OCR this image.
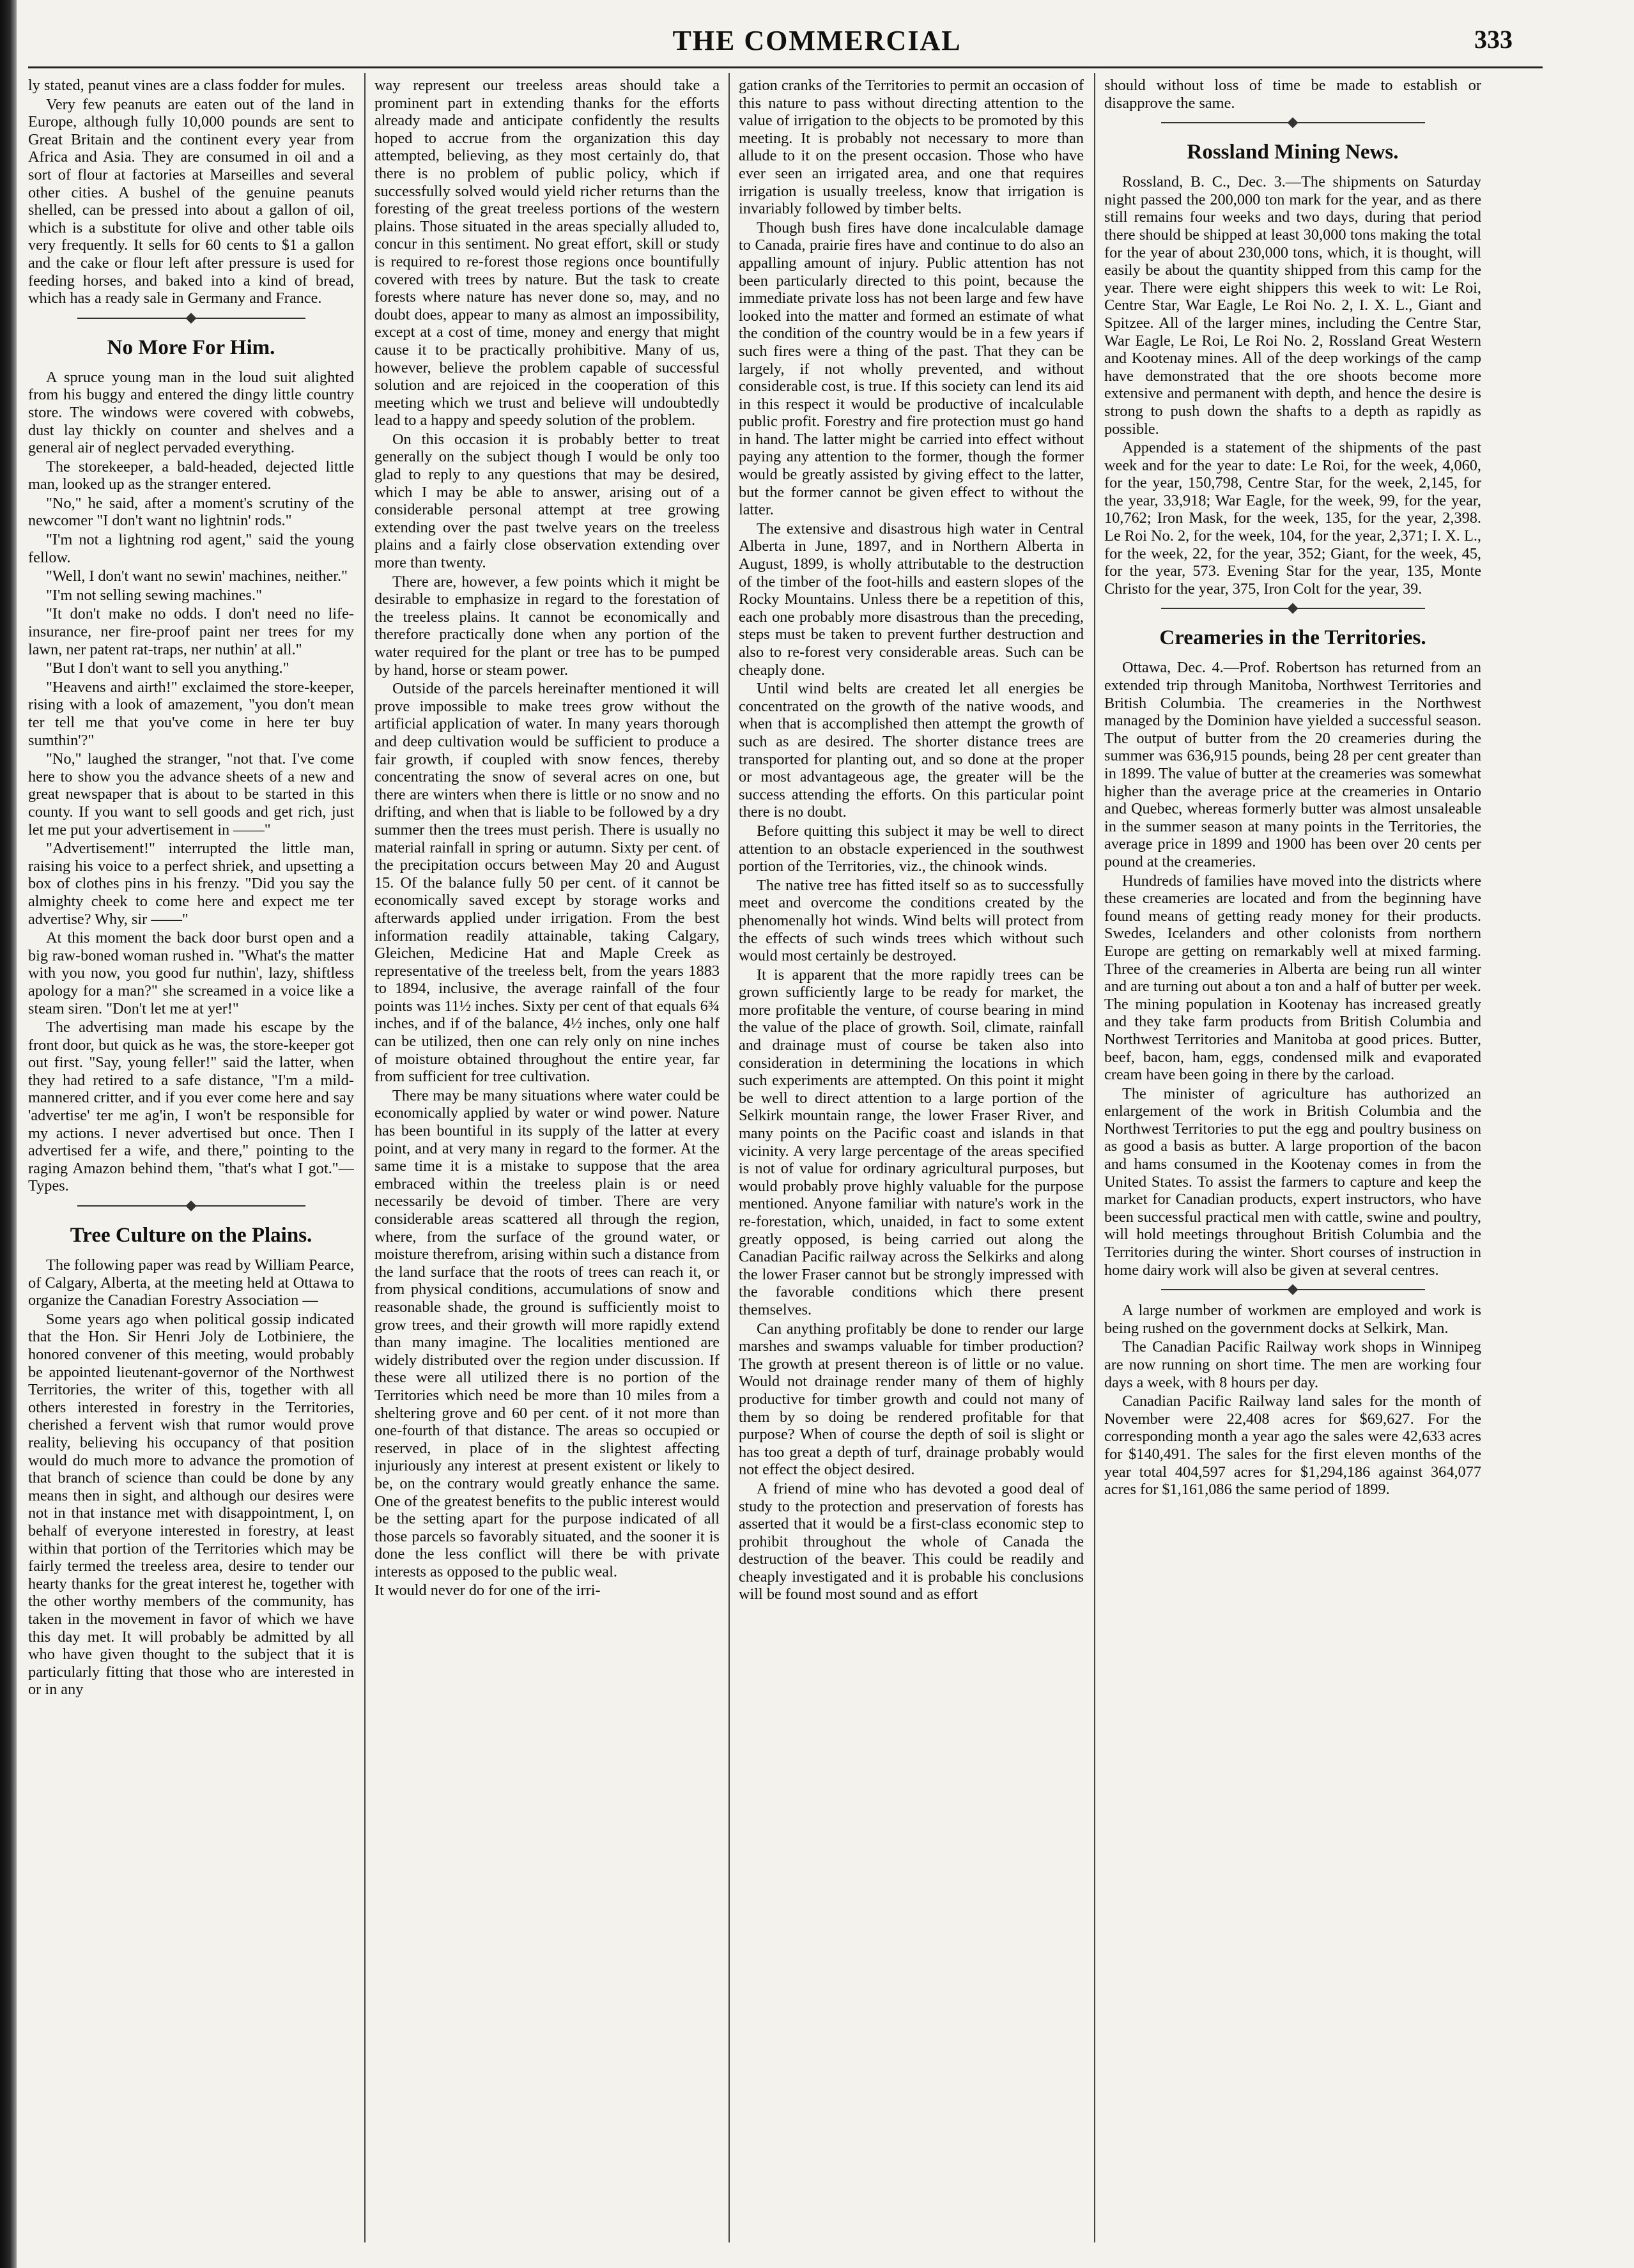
THE COMMERCIAL	333

ly stated, peanut vines are a class fodder for mules.

Very few peanuts are eaten out of the land in Europe, although fully 10,000 pounds are sent to Great Britain and the continent every year from Africa and Asia. They are consumed in oil and a sort of flour at factories at Marseilles and several other cities. A bushel of the genuine peanuts shelled, can be pressed into about a gallon of oil, which is a substitute for olive and other table oils very frequently. It sells for 60 cents to $1 a gallon and the cake or flour left after pressure is used for feeding horses, and baked into a kind of bread, which has a ready sale in Germany and France.

No More For Him.

A spruce young man in the loud suit alighted from his buggy and entered the dingy little country store. The windows were covered with cobwebs, dust lay thickly on counter and shelves and a general air of neglect pervaded everything.

The storekeeper, a bald-headed, dejected little man, looked up as the stranger entered.

"No," he said, after a moment's scrutiny of the newcomer "I don't want no lightnin' rods."

"I'm not a lightning rod agent," said the young fellow.

"Well, I don't want no sewin' machines, neither."

"I'm not selling sewing machines."

"It don't make no odds. I don't need no life-insurance, ner fire-proof paint ner trees for my lawn, ner patent rat-traps, ner nuthin' at all."

"But I don't want to sell you anything."

"Heavens and airth!" exclaimed the store-keeper, rising with a look of amazement, "you don't mean ter tell me that you've come in here ter buy sumthin'?"

"No," laughed the stranger, "not that. I've come here to show you the advance sheets of a new and great newspaper that is about to be started in this county. If you want to sell goods and get rich, just let me put your advertisement in ——"

"Advertisement!" interrupted the little man, raising his voice to a perfect shriek, and upsetting a box of clothes pins in his frenzy. "Did you say the almighty cheek to come here and expect me ter advertise? Why, sir ——"

At this moment the back door burst open and a big raw-boned woman rushed in. "What's the matter with you now, you good fur nuthin', lazy, shiftless apology for a man?" she screamed in a voice like a steam siren. "Don't let me at yer!"

The advertising man made his escape by the front door, but quick as he was, the store-keeper got out first. "Say, young feller!" said the latter, when they had retired to a safe distance, "I'm a mild-mannered critter, and if you ever come here and say 'advertise' ter me ag'in, I won't be responsible for my actions. I never advertised but once. Then I advertised fer a wife, and there," pointing to the raging Amazon behind them, "that's what I got."—Types.

Tree Culture on the Plains.

The following paper was read by William Pearce, of Calgary, Alberta, at the meeting held at Ottawa to organize the Canadian Forestry Association —

Some years ago when political gossip indicated that the Hon. Sir Henri Joly de Lotbiniere, the honored convener of this meeting, would probably be appointed lieutenant-governor of the Northwest Territories, the writer of this, together with all others interested in forestry in the Territories, cherished a fervent wish that rumor would prove reality, believing his occupancy of that position would do much more to advance the promotion of that branch of science than could be done by any means then in sight, and although our desires were not in that instance met with disappointment, I, on behalf of everyone interested in forestry, at least within that portion of the Territories which may be fairly termed the treeless area, desire to tender our hearty thanks for the great interest he, together with the other worthy members of the community, has taken in the movement in favor of which we have this day met. It will probably be admitted by all who have given thought to the subject that it is particularly fitting that those who are interested in or in any

way represent our treeless areas should take a prominent part in extending thanks for the efforts already made and anticipate confidently the results hoped to accrue from the organization this day attempted, believing, as they most certainly do, that there is no problem of public policy, which if successfully solved would yield richer returns than the foresting of the great treeless portions of the western plains. Those situated in the areas specially alluded to, concur in this sentiment. No great effort, skill or study is required to re-forest those regions once bountifully covered with trees by nature. But the task to create forests where nature has never done so, may, and no doubt does, appear to many as almost an impossibility, except at a cost of time, money and energy that might cause it to be practically prohibitive. Many of us, however, believe the problem capable of successful solution and are rejoiced in the cooperation of this meeting which we trust and believe will undoubtedly lead to a happy and speedy solution of the problem.

On this occasion it is probably better to treat generally on the subject though I would be only too glad to reply to any questions that may be desired, which I may be able to answer, arising out of a considerable personal attempt at tree growing extending over the past twelve years on the treeless plains and a fairly close observation extending over more than twenty.

There are, however, a few points which it might be desirable to emphasize in regard to the forestation of the treeless plains. It cannot be economically and therefore practically done when any portion of the water required for the plant or tree has to be pumped by hand, horse or steam power.

Outside of the parcels hereinafter mentioned it will prove impossible to make trees grow without the artificial application of water. In many years thorough and deep cultivation would be sufficient to produce a fair growth, if coupled with snow fences, thereby concentrating the snow of several acres on one, but there are winters when there is little or no snow and no drifting, and when that is liable to be followed by a dry summer then the trees must perish. There is usually no material rainfall in spring or autumn. Sixty per cent. of the precipitation occurs between May 20 and August 15. Of the balance fully 50 per cent. of it cannot be economically saved except by storage works and afterwards applied under irrigation. From the best information readily attainable, taking Calgary, Gleichen, Medicine Hat and Maple Creek as representative of the treeless belt, from the years 1883 to 1894, inclusive, the average rainfall of the four points was 11½ inches. Sixty per cent of that equals 6¾ inches, and if of the balance, 4½ inches, only one half can be utilized, then one can rely only on nine inches of moisture obtained throughout the entire year, far from sufficient for tree cultivation.

There may be many situations where water could be economically applied by water or wind power. Nature has been bountiful in its supply of the latter at every point, and at very many in regard to the former. At the same time it is a mistake to suppose that the area embraced within the treeless plain is or need necessarily be devoid of timber. There are very considerable areas scattered all through the region, where, from the surface of the ground water, or moisture therefrom, arising within such a distance from the land surface that the roots of trees can reach it, or from physical conditions, accumulations of snow and reasonable shade, the ground is sufficiently moist to grow trees, and their growth will more rapidly extend than many imagine. The localities mentioned are widely distributed over the region under discussion. If these were all utilized there is no portion of the Territories which need be more than 10 miles from a sheltering grove and 60 per cent. of it not more than one-fourth of that distance. The areas so occupied or reserved, in place of in the slightest affecting injuriously any interest at present existent or likely to be, on the contrary would greatly enhance the same. One of the greatest benefits to the public interest would be the setting apart for the purpose indicated of all those parcels so favorably situated, and the sooner it is done the less conflict will there be with private interests as opposed to the public weal.

It would never do for one of the irri-

gation cranks of the Territories to permit an occasion of this nature to pass without directing attention to the value of irrigation to the objects to be promoted by this meeting. It is probably not necessary to more than allude to it on the present occasion. Those who have ever seen an irrigated area, and one that requires irrigation is usually treeless, know that irrigation is invariably followed by timber belts.

Though bush fires have done incalculable damage to Canada, prairie fires have and continue to do also an appalling amount of injury. Public attention has not been particularly directed to this point, because the immediate private loss has not been large and few have looked into the matter and formed an estimate of what the condition of the country would be in a few years if such fires were a thing of the past. That they can be largely, if not wholly prevented, and without considerable cost, is true. If this society can lend its aid in this respect it would be productive of incalculable public profit. Forestry and fire protection must go hand in hand. The latter might be carried into effect without paying any attention to the former, though the former would be greatly assisted by giving effect to the latter, but the former cannot be given effect to without the latter.

The extensive and disastrous high water in Central Alberta in June, 1897, and in Northern Alberta in August, 1899, is wholly attributable to the destruction of the timber of the foot-hills and eastern slopes of the Rocky Mountains. Unless there be a repetition of this, each one probably more disastrous than the preceding, steps must be taken to prevent further destruction and also to re-forest very considerable areas. Such can be cheaply done.

Until wind belts are created let all energies be concentrated on the growth of the native woods, and when that is accomplished then attempt the growth of such as are desired. The shorter distance trees are transported for planting out, and so done at the proper or most advantageous age, the greater will be the success attending the efforts. On this particular point there is no doubt.

Before quitting this subject it may be well to direct attention to an obstacle experienced in the southwest portion of the Territories, viz., the chinook winds.

The native tree has fitted itself so as to successfully meet and overcome the conditions created by the phenomenally hot winds. Wind belts will protect from the effects of such winds trees which without such would most certainly be destroyed.

It is apparent that the more rapidly trees can be grown sufficiently large to be ready for market, the more profitable the venture, of course bearing in mind the value of the place of growth. Soil, climate, rainfall and drainage must of course be taken also into consideration in determining the locations in which such experiments are attempted. On this point it might be well to direct attention to a large portion of the Selkirk mountain range, the lower Fraser River, and many points on the Pacific coast and islands in that vicinity. A very large percentage of the areas specified is not of value for ordinary agricultural purposes, but would probably prove highly valuable for the purpose mentioned. Anyone familiar with nature's work in the re-forestation, which, unaided, in fact to some extent greatly opposed, is being carried out along the Canadian Pacific railway across the Selkirks and along the lower Fraser cannot but be strongly impressed with the favorable conditions which there present themselves.

Can anything profitably be done to render our large marshes and swamps valuable for timber production? The growth at present thereon is of little or no value. Would not drainage render many of them of highly productive for timber growth and could not many of them by so doing be rendered profitable for that purpose? When of course the depth of soil is slight or has too great a depth of turf, drainage probably would not effect the object desired.

A friend of mine who has devoted a good deal of study to the protection and preservation of forests has asserted that it would be a first-class economic step to prohibit throughout the whole of Canada the destruction of the beaver. This could be readily and cheaply investigated and it is probable his conclusions will be found most sound and as effort

should without loss of time be made to establish or disapprove the same.

Rossland Mining News.

Rossland, B. C., Dec. 3.—The shipments on Saturday night passed the 200,000 ton mark for the year, and as there still remains four weeks and two days, during that period there should be shipped at least 30,000 tons making the total for the year of about 230,000 tons, which, it is thought, will easily be about the quantity shipped from this camp for the year. There were eight shippers this week to wit: Le Roi, Centre Star, War Eagle, Le Roi No. 2, I. X. L., Giant and Spitzee. All of the larger mines, including the Centre Star, War Eagle, Le Roi, Le Roi No. 2, Rossland Great Western and Kootenay mines. All of the deep workings of the camp have demonstrated that the ore shoots become more extensive and permanent with depth, and hence the desire is strong to push down the shafts to a depth as rapidly as possible.

Appended is a statement of the shipments of the past week and for the year to date: Le Roi, for the week, 4,060, for the year, 150,798, Centre Star, for the week, 2,145, for the year, 33,918; War Eagle, for the week, 99, for the year, 10,762; Iron Mask, for the week, 135, for the year, 2,398. Le Roi No. 2, for the week, 104, for the year, 2,371; I. X. L., for the week, 22, for the year, 352; Giant, for the week, 45, for the year, 573. Evening Star for the year, 135, Monte Christo for the year, 375, Iron Colt for the year, 39.

Creameries in the Territories.

Ottawa, Dec. 4.—Prof. Robertson has returned from an extended trip through Manitoba, Northwest Territories and British Columbia. The creameries in the Northwest managed by the Dominion have yielded a successful season. The output of butter from the 20 creameries during the summer was 636,915 pounds, being 28 per cent greater than in 1899. The value of butter at the creameries was somewhat higher than the average price at the creameries in Ontario and Quebec, whereas formerly butter was almost unsaleable in the summer season at many points in the Territories, the average price in 1899 and 1900 has been over 20 cents per pound at the creameries.

Hundreds of families have moved into the districts where these creameries are located and from the beginning have found means of getting ready money for their products. Swedes, Icelanders and other colonists from northern Europe are getting on remarkably well at mixed farming. Three of the creameries in Alberta are being run all winter and are turning out about a ton and a half of butter per week. The mining population in Kootenay has increased greatly and they take farm products from British Columbia and Northwest Territories and Manitoba at good prices. Butter, beef, bacon, ham, eggs, condensed milk and evaporated cream have been going in there by the carload.

The minister of agriculture has authorized an enlargement of the work in British Columbia and the Northwest Territories to put the egg and poultry business on as good a basis as butter. A large proportion of the bacon and hams consumed in the Kootenay comes in from the United States. To assist the farmers to capture and keep the market for Canadian products, expert instructors, who have been successful practical men with cattle, swine and poultry, will hold meetings throughout British Columbia and the Territories during the winter. Short courses of instruction in home dairy work will also be given at several centres.

A large number of workmen are employed and work is being rushed on the government docks at Selkirk, Man.

The Canadian Pacific Railway work shops in Winnipeg are now running on short time. The men are working four days a week, with 8 hours per day.

Canadian Pacific Railway land sales for the month of November were 22,408 acres for $69,627. For the corresponding month a year ago the sales were 42,633 acres for $140,491. The sales for the first eleven months of the year total 404,597 acres for $1,294,186 against 364,077 acres for $1,161,086 the same period of 1899.
